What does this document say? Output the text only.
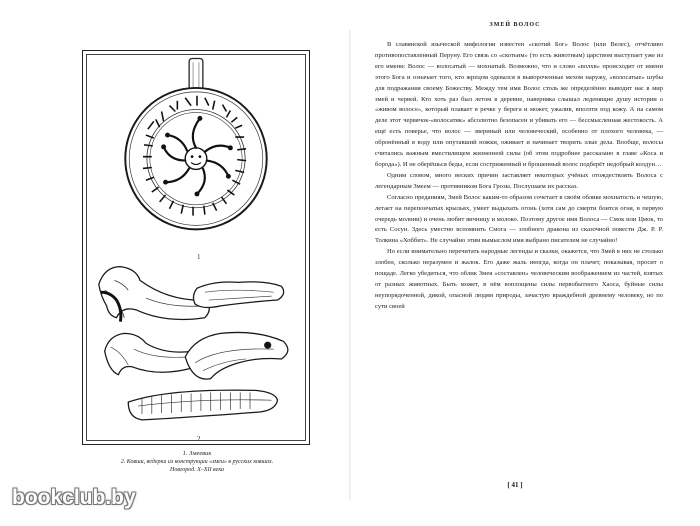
1
2
1. Змеевик
2. Ковши, ведерки из конструкции «змеи» в русских ковшах.
Новгород. X–XII века
ЗМЕЙ ВОЛОС

В славянской языческой мифологии известен «скотий Бог» Волос (или Велес), отчётливо противопоставленный Перуну. Его связь со «скотьим» (то есть животным) царством выступает уже из его имени: Волос — волосатый — мохнатый. Возможно, что и слово «волхв» происходит от имени этого Бога и означает того, кто жрецом одевался в вывороченные мехом наружу, «волосатые» шубы для подражания своему Божеству. Между тем имя Волос столь же определённо выводит нас в мир змей и червей. Кто хоть раз был летом в деревне, наверняка слышал леденящие душу истории о «живом волосе», который плавает в речке у берега и может, ужалив, вползти под кожу. А на самом деле этот червячок-«волосатик» абсолютно безопасен и убивать его — бессмысленная жестокость. А ещё есть поверье, что волос — звериный или человеческий, особенно от плохого человека, — обронённый в воду или опутавший ножки, оживает и начинает творить злые дела. Вообще, волосы считались важным вместилищем жизненной силы (об этом подробнее рассказано в главе «Коса и борода»). И не оберёшься беды, если состриженный и брошенный волос подберёт недобрый колдун…

Одним словом, много веских причин заставляет некоторых учёных отождествлять Волоса с легендарным Змеем — противником Бога Грозы. Послушаем их рассказ.

Согласно преданиям, Змей Волос каким-то образом сочетает в своём облике мохнатость и чешую, летает на перепончатых крыльях, умеет выдыхать огонь (хотя сам до смерти боится огня, в первую очередь молнии) и очень любит яичницу и молоко. Поэтому другое имя Волоса — Смок или Цмок, то есть Сосун. Здесь уместно вспомнить Смога — злобного дракона из сказочной повести Дж. Р. Р. Толкина «Хоббит». Не случайно этим вымыслом имя выбрано писателем не случайно!

Но если внимательно перечитать народные легенды и сказки, окажется, что Змей в них не столько злобен, сколько неразумен и жалок. Его даже жаль иногда, когда он плачет, показывая, просит о пощаде. Легко убедиться, что облик Змея «составлен» человеческим воображением из частей, взятых от разных животных. Быть может, в нём воплощены силы первобытного Хаоса, буйные силы неупорядоченной, дикой, опасной людям природы, зачастую враждебной древнему человеку, но по сути своей

[ 41 ]
bookclub.by
